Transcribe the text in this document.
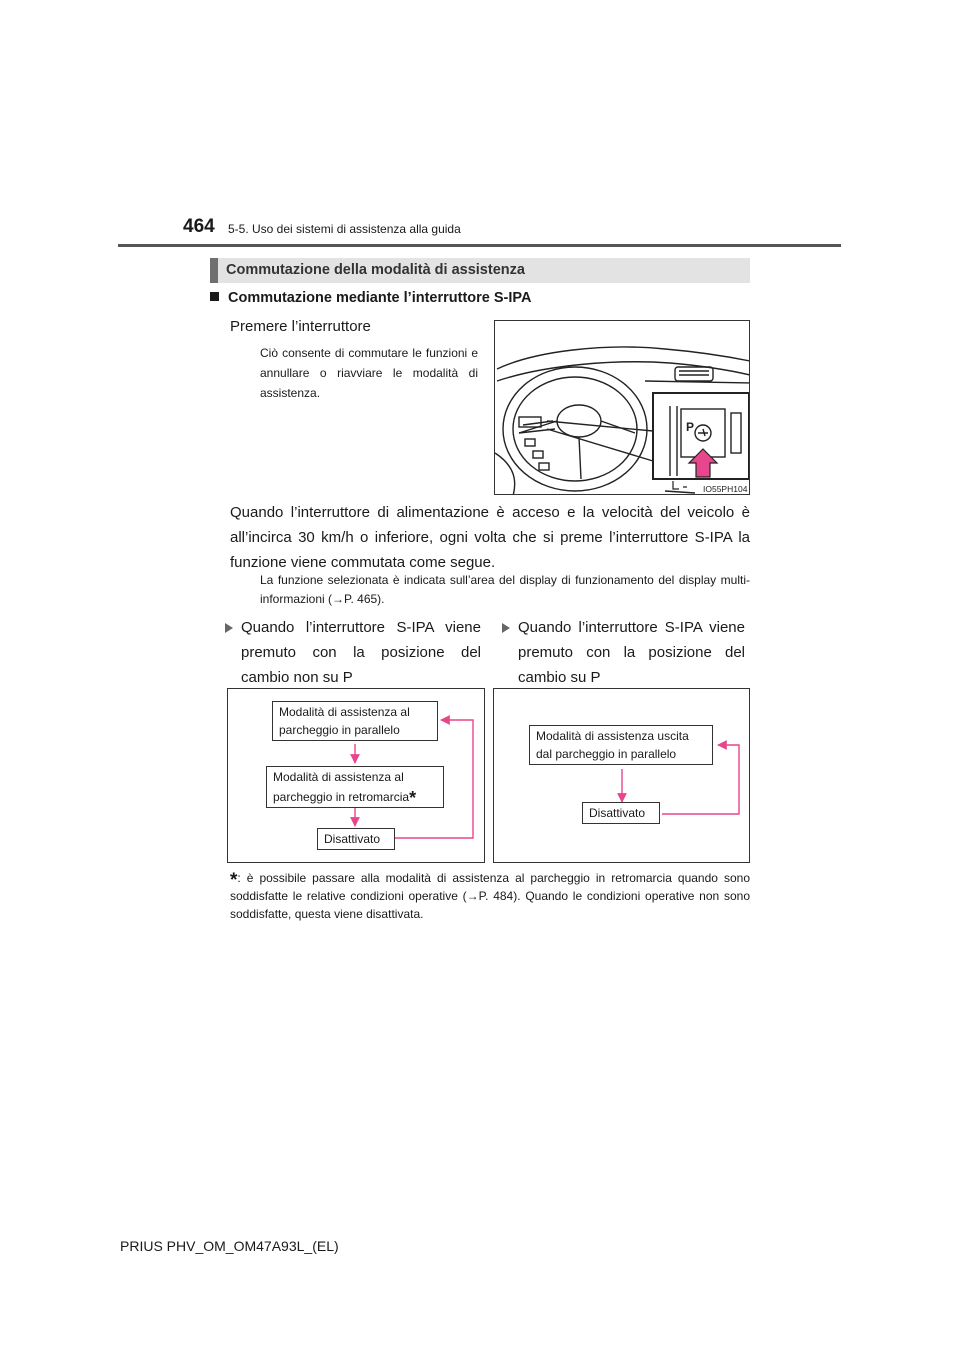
464 5-5. Uso dei sistemi di assistenza alla guida
Commutazione della modalità di assistenza
Commutazione mediante l’interruttore S-IPA
Premere l’interruttore
Ciò consente di commutare le funzioni e annullare o riavviare le modalità di assistenza.
P
IO55PH104
Quando l’interruttore di alimentazione è acceso e la velocità del veicolo è all’incirca 30 km/h o inferiore, ogni volta che si preme l’interruttore S-IPA la funzione viene commutata come segue.
La funzione selezionata è indicata sull’area del display di funzionamento del display multi-informazioni (→P. 465).
Quando l’interruttore S-IPA viene premuto con la posizione del cambio non su P
Quando l’interruttore S-IPA viene premuto con la posizione del cambio su P
Modalità di assistenza al parcheggio in parallelo
Modalità di assistenza al parcheggio in retromarcia*
Disattivato
Modalità di assistenza uscita dal parcheggio in parallelo
Disattivato
*: è possibile passare alla modalità di assistenza al parcheggio in retromarcia quando sono soddisfatte le relative condizioni operative (→P. 484). Quando le condizioni operative non sono soddisfatte, questa viene disattivata.
PRIUS PHV_OM_OM47A93L_(EL)
